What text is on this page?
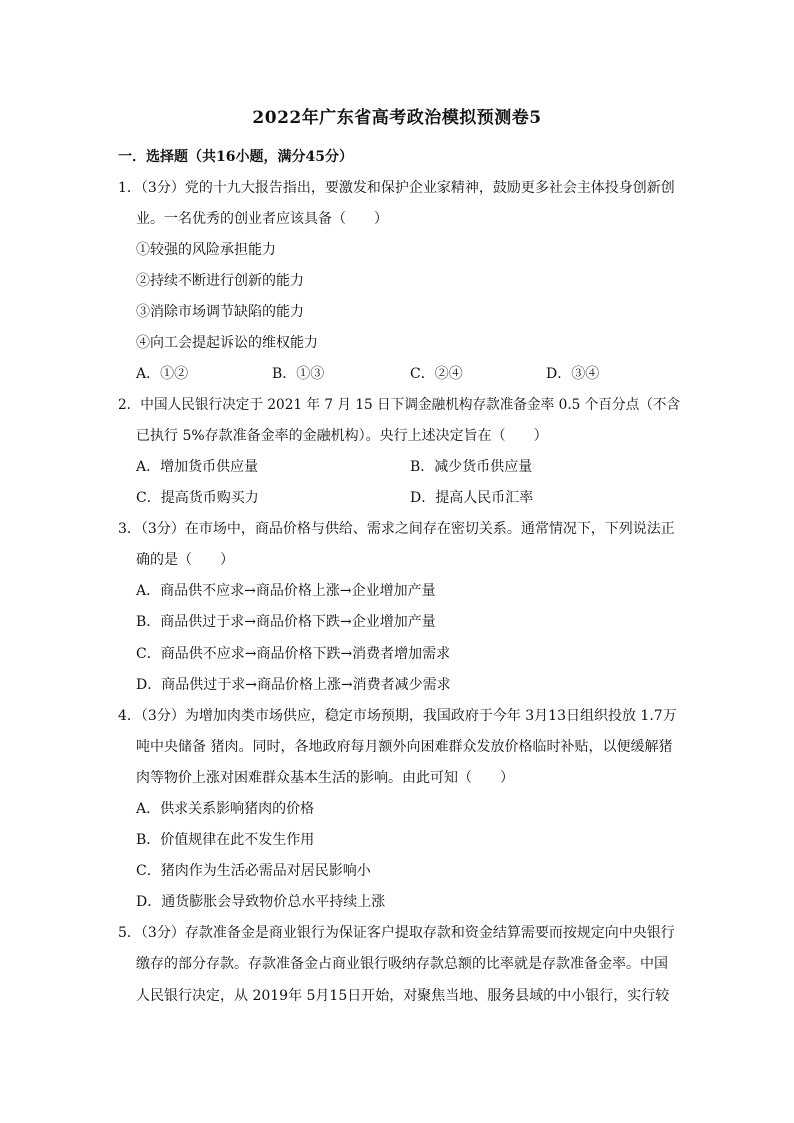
2022年广东省高考政治模拟预测卷5
一．选择题（共16小题，满分45分）
1．（3分）党的十九大报告指出，要激发和保护企业家精神，鼓励更多社会主体投身创新创
业。一名优秀的创业者应该具备（　　）
①较强的风险承担能力
②持续不断进行创新的能力
③消除市场调节缺陷的能力
④向工会提起诉讼的维权能力
A．①②	B．①③	C．②④	D．③④
2．中国人民银行决定于 2021 年 7 月 15 日下调金融机构存款准备金率 0.5 个百分点（不含
已执行 5%存款准备金率的金融机构）。央行上述决定旨在（　　）
A．增加货币供应量	B．减少货币供应量
C．提高货币购买力	D．提高人民币汇率
3．（3分）在市场中，商品价格与供给、需求之间存在密切关系。通常情况下，下列说法正
确的是（　　）
A．商品供不应求→商品价格上涨→企业增加产量
B．商品供过于求→商品价格下跌→企业增加产量
C．商品供不应求→商品价格下跌→消费者增加需求
D．商品供过于求→商品价格上涨→消费者减少需求
4．（3分）为增加肉类市场供应，稳定市场预期，我国政府于今年 3月13日组织投放 1.7万
吨中央储备 猪肉。同时，各地政府每月额外向困难群众发放价格临时补贴，以便缓解猪
肉等物价上涨对困难群众基本生活的影响。由此可知（　　）
A．供求关系影响猪肉的价格
B．价值规律在此不发生作用
C．猪肉作为生活必需品对居民影响小
D．通货膨胀会导致物价总水平持续上涨
5．（3分）存款准备金是商业银行为保证客户提取存款和资金结算需要而按规定向中央银行
缴存的部分存款。存款准备金占商业银行吸纳存款总额的比率就是存款准备金率。中国
人民银行决定，从 2019年 5月15日开始，对聚焦当地、服务县域的中小银行，实行较
